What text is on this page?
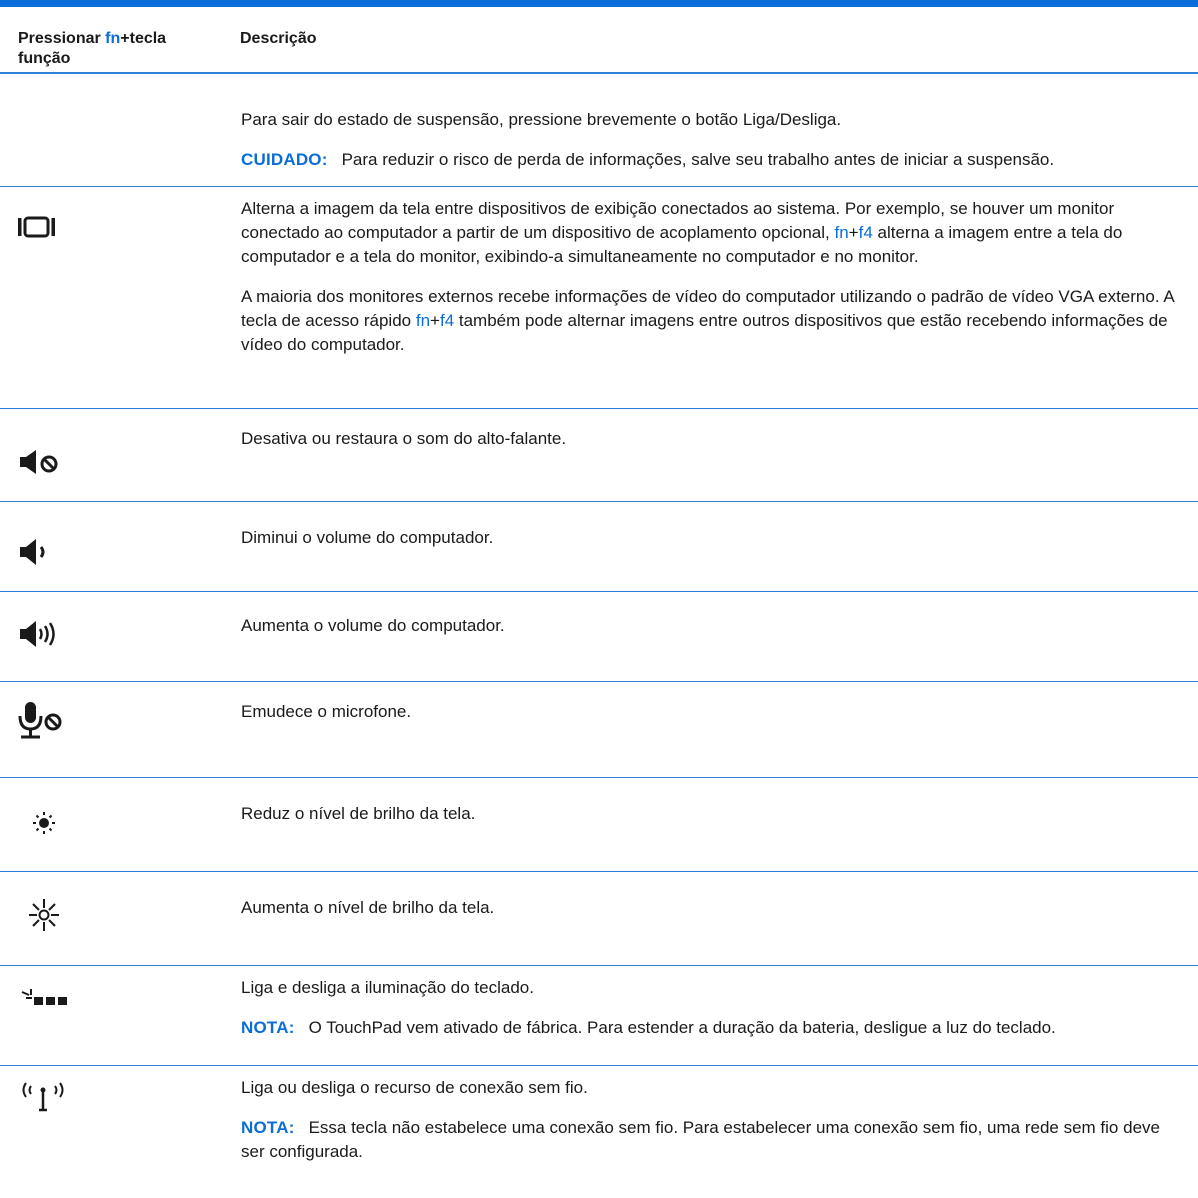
Pressionar fn+tecla função
Descrição

Para sair do estado de suspensão, pressione brevemente o botão Liga/Desliga.

CUIDADO: Para reduzir o risco de perda de informações, salve seu trabalho antes de iniciar a suspensão.

Alterna a imagem da tela entre dispositivos de exibição conectados ao sistema. Por exemplo, se houver um monitor conectado ao computador a partir de um dispositivo de acoplamento opcional, fn+f4 alterna a imagem entre a tela do computador e a tela do monitor, exibindo-a simultaneamente no computador e no monitor.

A maioria dos monitores externos recebe informações de vídeo do computador utilizando o padrão de vídeo VGA externo. A tecla de acesso rápido fn+f4 também pode alternar imagens entre outros dispositivos que estão recebendo informações de vídeo do computador.

Desativa ou restaura o som do alto-falante.

Diminui o volume do computador.

Aumenta o volume do computador.

Emudece o microfone.

Reduz o nível de brilho da tela.

Aumenta o nível de brilho da tela.

Liga e desliga a iluminação do teclado.

NOTA: O TouchPad vem ativado de fábrica. Para estender a duração da bateria, desligue a luz do teclado.

Liga ou desliga o recurso de conexão sem fio.

NOTA: Essa tecla não estabelece uma conexão sem fio. Para estabelecer uma conexão sem fio, uma rede sem fio deve ser configurada.
